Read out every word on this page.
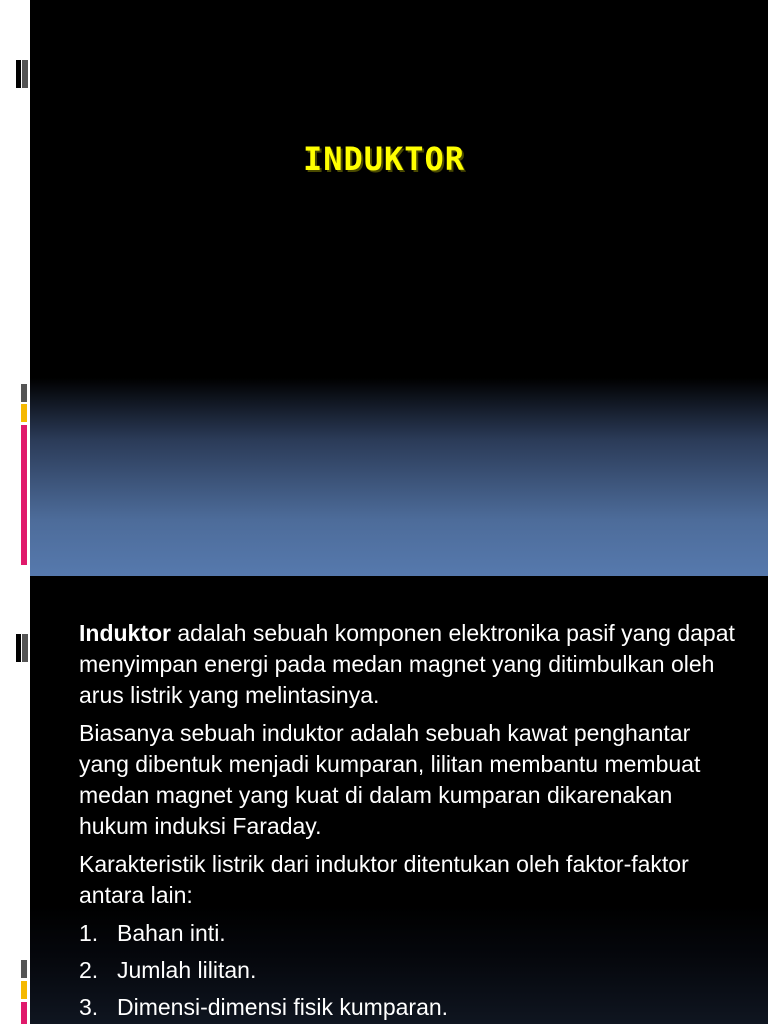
INDUKTOR

Induktor adalah sebuah komponen elektronika pasif yang dapat menyimpan energi pada medan magnet yang ditimbulkan oleh arus listrik yang melintasinya.

Biasanya sebuah induktor adalah sebuah kawat penghantar yang dibentuk menjadi kumparan, lilitan membantu membuat medan magnet yang kuat di dalam kumparan dikarenakan hukum induksi Faraday.

Karakteristik listrik dari induktor ditentukan oleh faktor-faktor antara lain:

1. Bahan inti.
2. Jumlah lilitan.
3. Dimensi-dimensi fisik kumparan.
